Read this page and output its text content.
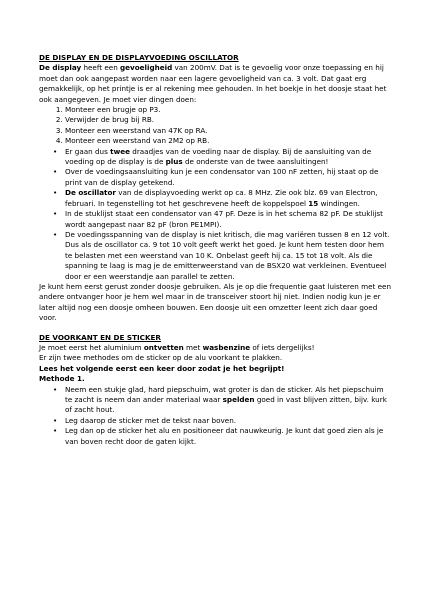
DE DISPLAY EN DE DISPLAYVOEDING OSCILLATOR

De display heeft een gevoeligheid van 200mV. Dat is te gevoelig voor onze toepassing en hij moet dan ook aangepast worden naar een lagere gevoeligheid van ca. 3 volt. Dat gaat erg gemakkelijk, op het printje is er al rekening mee gehouden. In het boekje in het doosje staat het ook aangegeven. Je moet vier dingen doen:

1. Monteer een brugje op P3.
2. Verwijder de brug bij RB.
3. Monteer een weerstand van 47K op RA.
4. Monteer een weerstand van 2M2 op RB.
• Er gaan dus twee draadjes van de voeding naar de display. Bij de aansluiting van de voeding op de display is de plus de onderste van de twee aansluitingen!
• Over de voedingsaansluiting kun je een condensator van 100 nF zetten, hij staat op de print van de display getekend.
• De oscillator van de displayvoeding werkt op ca. 8 MHz. Zie ook blz. 69 van Electron, februari. In tegenstelling tot het geschrevene heeft de koppelspoel 15 windingen.
• In de stuklijst staat een condensator van 47 pF. Deze is in het schema 82 pF. De stuklijst wordt aangepast naar 82 pF (bron PE1MPI).
• De voedingsspanning van de display is niet kritisch, die mag variëren tussen 8 en 12 volt. Dus als de oscillator ca. 9 tot 10 volt geeft werkt het goed. Je kunt hem testen door hem te belasten met een weerstand van 10 K. Onbelast geeft hij ca. 15 tot 18 volt. Als die spanning te laag is mag je de emitterweerstand van de BSX20 wat verkleinen. Eventueel door er een weerstandje aan parallel te zetten.

Je kunt hem eerst gerust zonder doosje gebruiken. Als je op die frequentie gaat luisteren met een andere ontvanger hoor je hem wel maar in de transceiver stoort hij niet. Indien nodig kun je er later altijd nog een doosje omheen bouwen. Een doosje uit een omzetter leent zich daar goed voor.

DE VOORKANT EN DE STICKER

Je moet eerst het aluminium ontvetten met wasbenzine of iets dergelijks!

Er zijn twee methodes om de sticker op de alu voorkant te plakken.

Lees het volgende eerst een keer door zodat je het begrijpt!

Methode 1.

• Neem een stukje glad, hard piepschuim, wat groter is dan de sticker. Als het piepschuim te zacht is neem dan ander materiaal waar spelden goed in vast blijven zitten, bijv. kurk of zacht hout.
• Leg daarop de sticker met de tekst naar boven.
• Leg dan op de sticker het alu en positioneer dat nauwkeurig. Je kunt dat goed zien als je van boven recht door de gaten kijkt.
